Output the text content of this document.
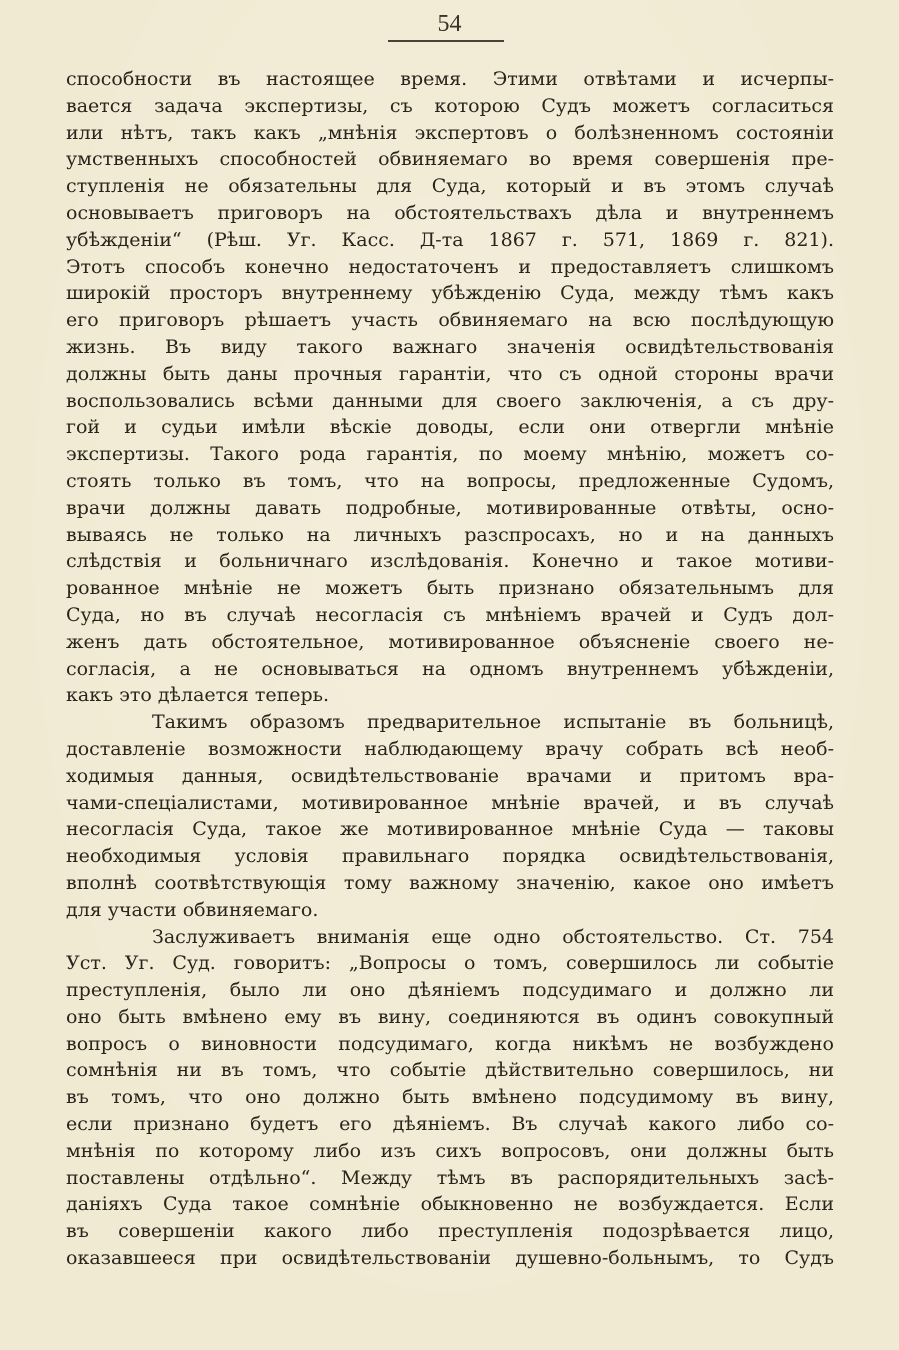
54
способности въ настоящее время. Этими отвѣтами и исчерпы-
вается задача экспертизы, съ которою Судъ можетъ согласиться
или нѣтъ, такъ какъ „мнѣнія экспертовъ о болѣзненномъ состояніи
умственныхъ способностей обвиняемаго во время совершенія пре-
ступленія не обязательны для Суда, который и въ этомъ случаѣ
основываетъ приговоръ на обстоятельствахъ дѣла и внутреннемъ
убѣжденіи“ (Рѣш. Уг. Касс. Д-та 1867 г. 571, 1869 г. 821).
Этотъ способъ конечно недостаточенъ и предоставляетъ слишкомъ
широкій просторъ внутреннему убѣжденію Суда, между тѣмъ какъ
его приговоръ рѣшаетъ участь обвиняемаго на всю послѣдующую
жизнь. Въ виду такого важнаго значенія освидѣтельствованія
должны быть даны прочныя гарантіи, что съ одной стороны врачи
воспользовались всѣми данными для своего заключенія, а съ дру-
гой и судьи имѣли вѣскіе доводы, если они отвергли мнѣніе
экспертизы. Такого рода гарантія, по моему мнѣнію, можетъ со-
стоять только въ томъ, что на вопросы, предложенные Судомъ,
врачи должны давать подробные, мотивированные отвѣты, осно-
вываясь не только на личныхъ разспросахъ, но и на данныхъ
слѣдствія и больничнаго изслѣдованія. Конечно и такое мотиви-
рованное мнѣніе не можетъ быть признано обязательнымъ для
Суда, но въ случаѣ несогласія съ мнѣніемъ врачей и Судъ дол-
женъ дать обстоятельное, мотивированное объясненіе своего не-
согласія, а не основываться на одномъ внутреннемъ убѣжденіи,
какъ это дѣлается теперь.
Такимъ образомъ предварительное испытаніе въ больницѣ,
доставленіе возможности наблюдающему врачу собрать всѣ необ-
ходимыя данныя, освидѣтельствованіе врачами и притомъ вра-
чами-спеціалистами, мотивированное мнѣніе врачей, и въ случаѣ
несогласія Суда, такое же мотивированное мнѣніе Суда — таковы
необходимыя условія правильнаго порядка освидѣтельствованія,
вполнѣ соотвѣтствующія тому важному значенію, какое оно имѣетъ
для участи обвиняемаго.
Заслуживаетъ вниманія еще одно обстоятельство. Ст. 754
Уст. Уг. Суд. говоритъ: „Вопросы о томъ, совершилось ли событіе
преступленія, было ли оно дѣяніемъ подсудимаго и должно ли
оно быть вмѣнено ему въ вину, соединяются въ одинъ совокупный
вопросъ о виновности подсудимаго, когда никѣмъ не возбуждено
сомнѣнія ни въ томъ, что событіе дѣйствительно совершилось, ни
въ томъ, что оно должно быть вмѣнено подсудимому въ вину,
если признано будетъ его дѣяніемъ. Въ случаѣ какого либо со-
мнѣнія по которому либо изъ сихъ вопросовъ, они должны быть
поставлены отдѣльно“. Между тѣмъ въ распорядительныхъ засѣ-
даніяхъ Суда такое сомнѣніе обыкновенно не возбуждается. Если
въ совершеніи какого либо преступленія подозрѣвается лицо,
оказавшееся при освидѣтельствованіи душевно-больнымъ, то Судъ
